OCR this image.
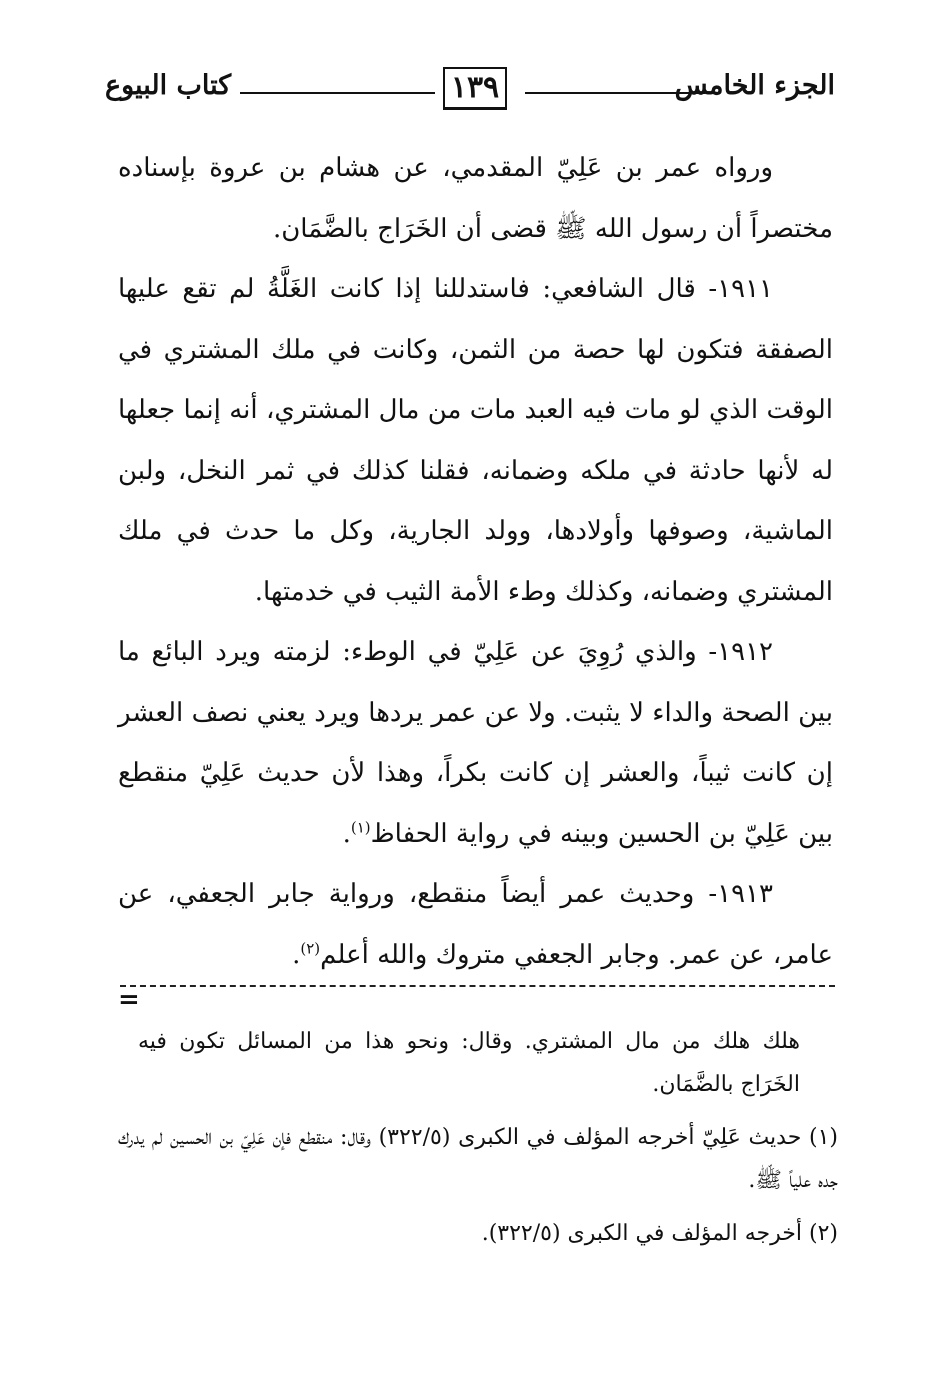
الجزء الخامس
١٣٩
كتاب البيوع

ورواه عمر بن عَلِيّ المقدمي، عن هشام بن عروة بإسناده مختصراً أن رسول الله ﷺ قضى أن الخَرَاج بالضَّمَان.

١٩١١- قال الشافعي: فاستدللنا إذا كانت الغَلَّةُ لم تقع عليها الصفقة فتكون لها حصة من الثمن، وكانت في ملك المشتري في الوقت الذي لو مات فيه العبد مات من مال المشتري، أنه إنما جعلها له لأنها حادثة في ملكه وضمانه، فقلنا كذلك في ثمر النخل، ولبن الماشية، وصوفها وأولادها، وولد الجارية، وكل ما حدث في ملك المشتري وضمانه، وكذلك وطء الأمة الثيب في خدمتها.

١٩١٢- والذي رُوِيَ عن عَلِيّ في الوطء: لزمته ويرد البائع ما بين الصحة والداء لا يثبت. ولا عن عمر يردها ويرد يعني نصف العشر إن كانت ثيباً، والعشر إن كانت بكراً، وهذا لأن حديث عَلِيّ منقطع بين عَلِيّ بن الحسين وبينه في رواية الحفاظ$^{(١)}$.

١٩١٣- وحديث عمر أيضاً منقطع، ورواية جابر الجعفي، عن عامر، عن عمر. وجابر الجعفي متروك والله أعلم$^{(٢)}$.

=

هلك هلك من مال المشتري. وقال: ونحو هذا من المسائل تكون فيه الخَرَاج بالضَّمَان.

(١) حديث عَلِيّ أخرجه المؤلف في الكبرى (٣٢٢/٥) وقال: منقطع فإن عَلِيّ بن الحسين لم يدرك جده علياً ﷺ.

(٢) أخرجه المؤلف في الكبرى (٣٢٢/٥).
